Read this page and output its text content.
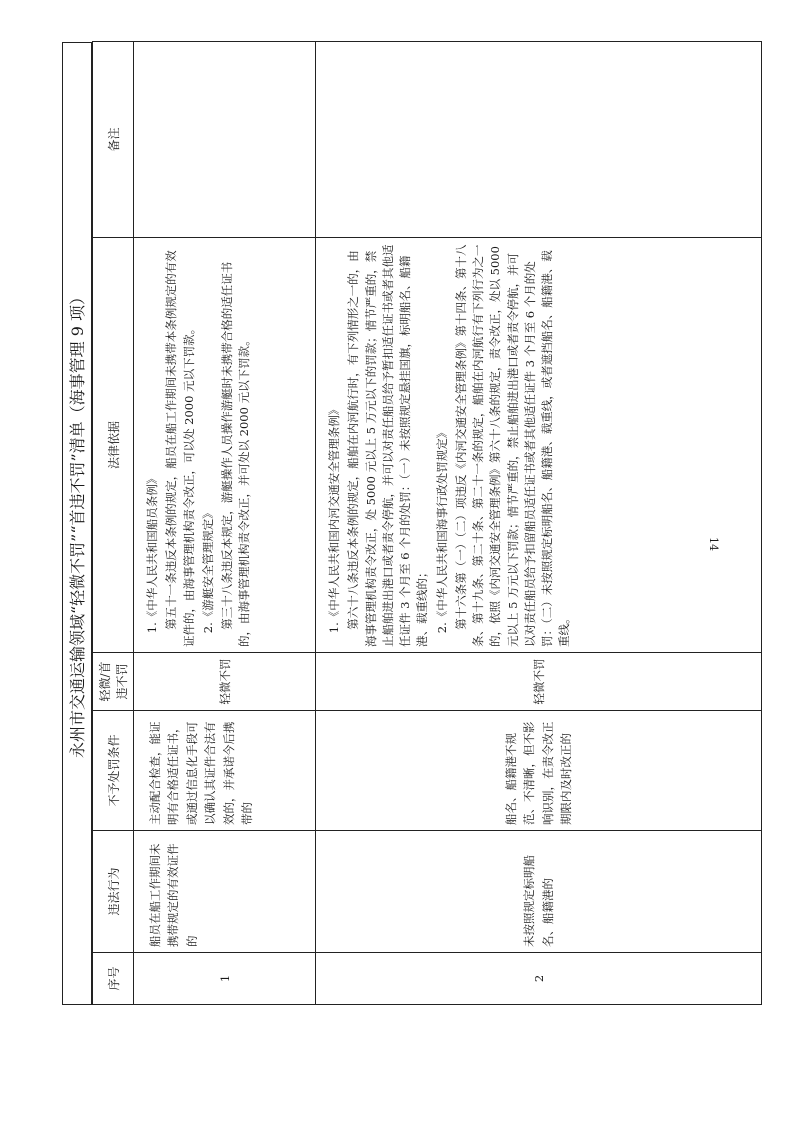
永州市交通运输领域“轻微不罚”“首违不罚”清单（海事管理 9 项）
序号	违法行为	不予处罚条件	轻微/首违不罚	法律依据	备注
1	船员在船工作期间未携带规定的有效证件的	主动配合检查，能证明有合格适任证书，或通过信息化手段可以确认其证件合法有效的，并承诺今后携带的	轻微不罚	1.《中华人民共和国船员条例》 第五十一条违反本条例的规定，船员在船工作期间未携带本条例规定的有效证件的，由海事管理机构责令改正，可以处 2000 元以下罚款。 2.《游艇安全管理规定》 第三十八条违反本规定，游艇操作人员操作游艇时未携带合格的适任证书的，由海事管理机构责令改正，并可处以 2000 元以下罚款。	

2	未按照规定标明船名、船籍港的	船名、船籍港不规范、不清晰，但不影响识别，在责令改正期限内及时改正的	轻微不罚	1.《中华人民共和国内河交通安全管理条例》 第六十八条违反本条例的规定，船舶在内河航行时，有下列情形之一的，由海事管理机构责令改正，处 5000 元以上 5 万元以下的罚款；情节严重的，禁止船舶进出港口或者责令停航，并可以对责任船员给予暂扣适任证书或者其他适任证件 3 个月至 6 个月的处罚：（一）未按照规定悬挂国旗，标明船名、船籍港、载重线的； 2.《中华人民共和国海事行政处罚规定》 第十六条第（一）（二）项违反《内河交通安全管理条例》第十四条、第十八条、第十九条、第二十条、第二十一条的规定，船舶在内河航行有下列行为之一的，依照《内河交通安全管理条例》第六十八条的规定，责令改正，处以 5000 元以上 5 万元以下罚款；情节严重的，禁止船舶进出港口或者责令停航，并可以对责任船员给予扣留船员适任证书或者其他适任证件 3 个月至 6 个月的处罚：（二）未按照规定标明船名、船籍港、载重线，或者遮挡船名、船籍港、载重线。	

14
